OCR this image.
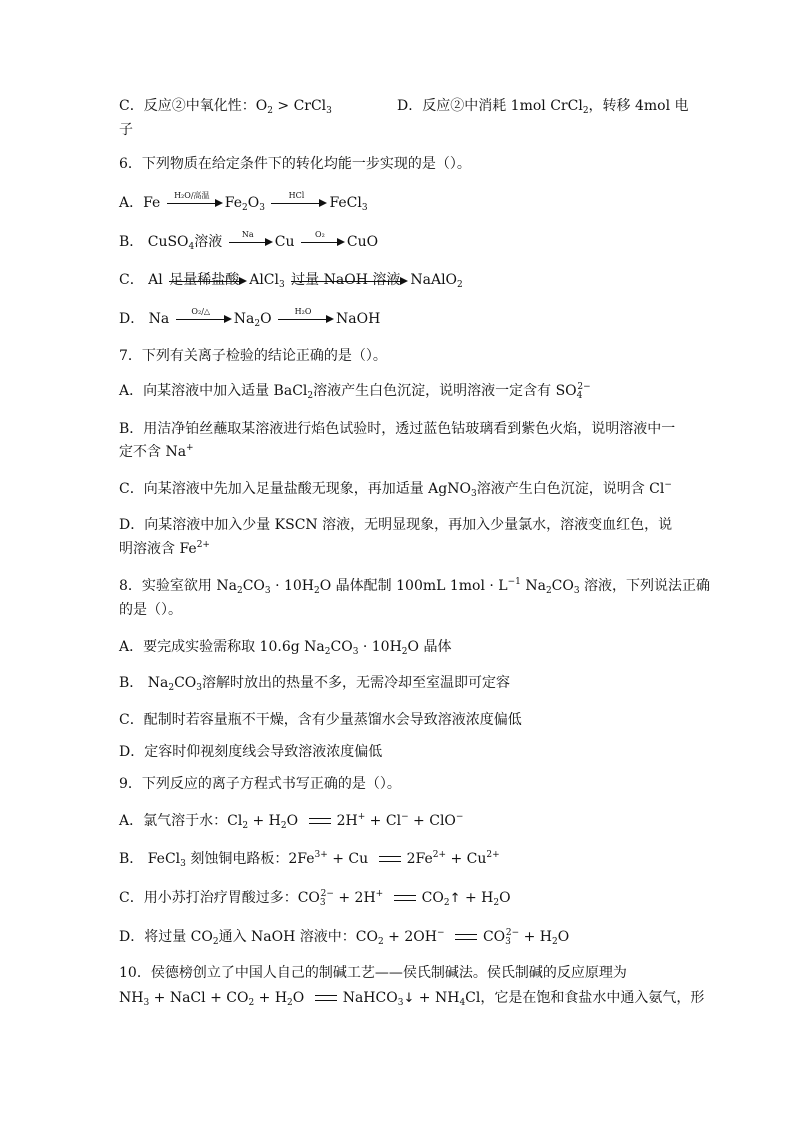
C．反应②中氧化性：$O_2$ > CrCl$_3$	D．反应②中消耗 1mol CrCl$_2$，转移 4mol 电
子
6．下列物质在给定条件下的转化均能一步实现的是（）。
A．Fe	H₂O/高温	$Fe_2O_3$
HCl	FeCl$_3$
B． CuSO$_4$溶液	Na	Cu	O₂	CuO
C． Al 足量稀盐酸 AlCl$_3$ 过量 NaOH 溶液 NaAlO$_2$
D． Na	O₂/△	$Na_2O$	H₂O	NaOH
7．下列有关离子检验的结论正确的是（）。
A．向某溶液中加入适量 BaCl$_2$溶液产生白色沉淀，说明溶液一定含有 $SO_4^{2-}$
B．用洁净铂丝蘸取某溶液进行焰色试验时，透过蓝色钴玻璃看到紫色火焰，说明溶液中一
定不含 Na+
C．向某溶液中先加入足量盐酸无现象，再加适量 AgNO$_3$溶液产生白色沉淀，说明含 Cl−
D．向某溶液中加入少量 KSCN 溶液，无明显现象，再加入少量氯水，溶液变血红色，说
明溶液含 $Fe^{2+}$
8．实验室欲用 $Na_2CO_3 \cdot 10H_2O$ 晶体配制 100mL $1mol \cdot L^{-1}$ $Na_2CO_3$ 溶液，下列说法正确
的是（）。
A．要完成实验需称取 10.6g $Na_2CO_3 \cdot 10H_2O$ 晶体
B． $Na_2CO_3$溶解时放出的热量不多，无需冷却至室温即可定容
C．配制时若容量瓶不干燥，含有少量蒸馏水会导致溶液浓度偏低
D．定容时仰视刻度线会导致溶液浓度偏低
9．下列反应的离子方程式书写正确的是（）。
A．氯气溶于水：$Cl_2 + H_2O$	2H+ + Cl− + ClO−
B． FeCl$_3$ 刻蚀铜电路板：$2Fe^{3+} + Cu$	$2Fe^{2+} + Cu^{2+}$
C．用小苏打治疗胃酸过多：$CO_3^{2-} + 2H^+$	$CO_2↑ + H_2O$
D．将过量 $CO_2$通入 NaOH 溶液中：$CO_2 + 2OH^-$	$CO_3^{2-} + H_2O$
10．侯德榜创立了中国人自己的制碱工艺——侯氏制碱法。侯氏制碱的反应原理为
$NH_3$ + NaCl + $CO_2 + H_2O$	NaHCO$_3$↓ + $NH_4Cl$，它是在饱和食盐水中通入氨气，形
